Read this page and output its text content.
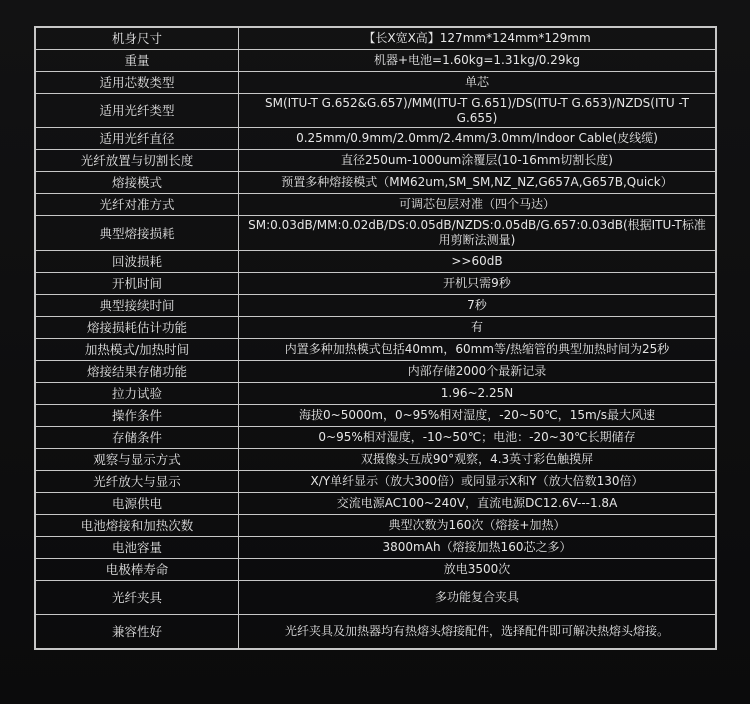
机身尺寸	【长X宽X高】127mm*124mm*129mm
重量	机器+电池=1.60kg=1.31kg/0.29kg
适用芯数类型	单芯
适用光纤类型	SM(ITU-T G.652&G.657)/MM(ITU-T G.651)/DS(ITU-T G.653)/NZDS(ITU -T G.655)
适用光纤直径	0.25mm/0.9mm/2.0mm/2.4mm/3.0mm/Indoor Cable(皮线缆)
光纤放置与切割长度	直径250um-1000um涂覆层(10-16mm切割长度)
熔接模式	预置多种熔接模式（MM62um,SM_SM,NZ_NZ,G657A,G657B,Quick）
光纤对准方式	可调芯包层对准（四个马达）
典型熔接损耗	SM:0.03dB/MM:0.02dB/DS:0.05dB/NZDS:0.05dB/G.657:0.03dB(根据ITU-T标准用剪断法测量)
回波损耗	>>60dB
开机时间	开机只需9秒
典型接续时间	7秒
熔接损耗估计功能	有
加热模式/加热时间	内置多种加热模式包括40mm，60mm等/热缩管的典型加热时间为25秒
熔接结果存储功能	内部存储2000个最新记录
拉力试验	1.96~2.25N
操作条件	海拔0~5000m，0~95%相对湿度，-20~50℃，15m/s最大风速
存储条件	0~95%相对湿度，-10~50℃；电池：-20~30℃长期储存
观察与显示方式	双摄像头互成90°观察，4.3英寸彩色触摸屏
光纤放大与显示	X/Y单纤显示（放大300倍）或同显示X和Y（放大倍数130倍）
电源供电	交流电源AC100~240V，直流电源DC12.6V---1.8A
电池熔接和加热次数	典型次数为160次（熔接+加热）
电池容量	3800mAh（熔接加热160芯之多）
电极棒寿命	放电3500次
光纤夹具	多功能复合夹具
兼容性好	光纤夹具及加热器均有热熔头熔接配件，选择配件即可解决热熔头熔接。
